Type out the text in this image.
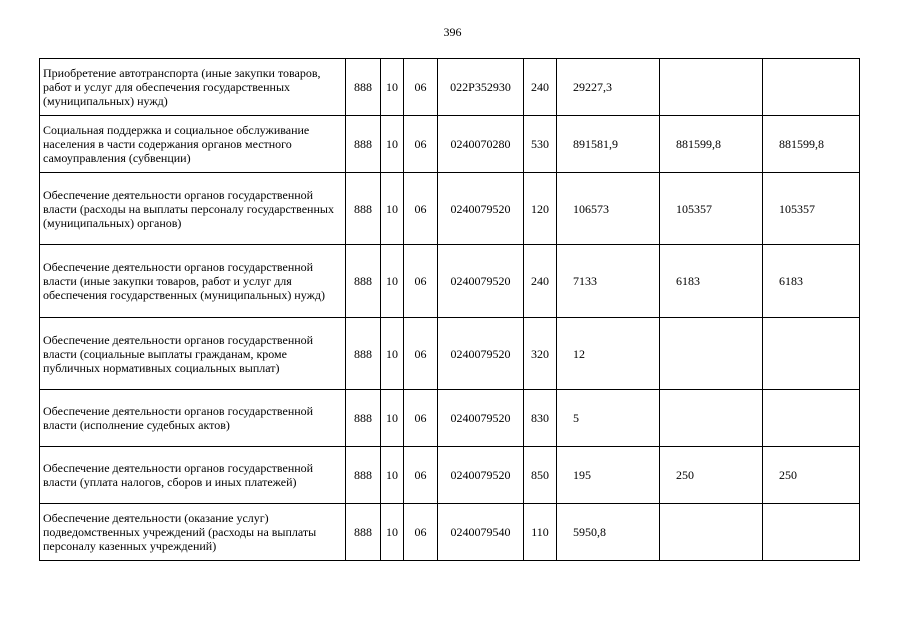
396
Приобретение автотранспорта (иные закупки товаров, работ и услуг для обеспечения государственных (муниципальных) нужд)	888	10	06	022P352930	240	29227,3		
Социальная поддержка и социальное обслуживание населения в части содержания органов местного самоуправления (субвенции)	888	10	06	0240070280	530	891581,9	881599,8	881599,8
Обеспечение деятельности органов государственной власти (расходы на выплаты персоналу государственных (муниципальных) органов)	888	10	06	0240079520	120	106573	105357	105357
Обеспечение деятельности органов государственной власти (иные закупки товаров, работ и услуг для обеспечения государственных (муниципальных) нужд)	888	10	06	0240079520	240	7133	6183	6183
Обеспечение деятельности органов государственной власти (социальные выплаты гражданам, кроме публичных нормативных социальных выплат)	888	10	06	0240079520	320	12		
Обеспечение деятельности органов государственной власти (исполнение судебных актов)	888	10	06	0240079520	830	5		
Обеспечение деятельности органов государственной власти (уплата налогов, сборов и иных платежей)	888	10	06	0240079520	850	195	250	250
Обеспечение деятельности (оказание услуг) подведомственных учреждений (расходы на выплаты персоналу казенных учреждений)	888	10	06	0240079540	110	5950,8		
